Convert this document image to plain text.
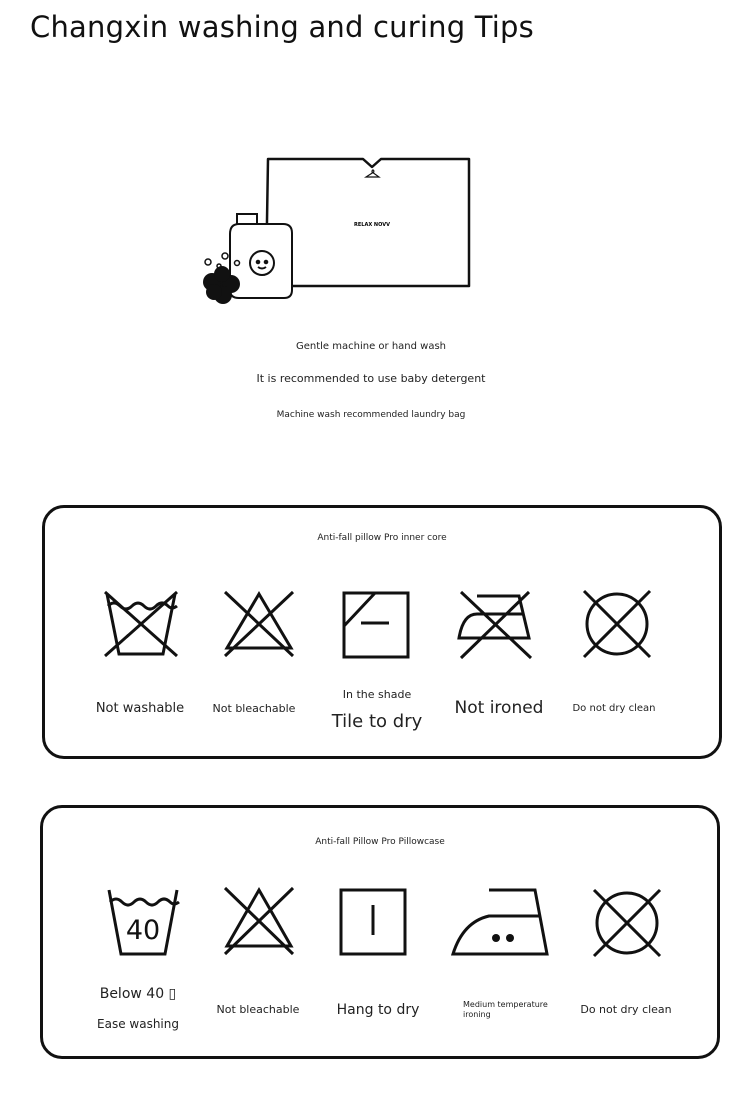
Changxin washing and curing Tips
RELAX NOVV
Gentle machine or hand wash
It is recommended to use baby detergent
Machine wash recommended laundry bag
Anti-fall pillow Pro inner core
Not washable	Not bleachable
In the shade
Tile to dry
Not ironed	Do not dry clean
Anti-fall Pillow Pro Pillowcase
40
Below 40 ▯
Ease washing
Not bleachable	Hang to dry	Medium temperature
ironing	Do not dry clean
